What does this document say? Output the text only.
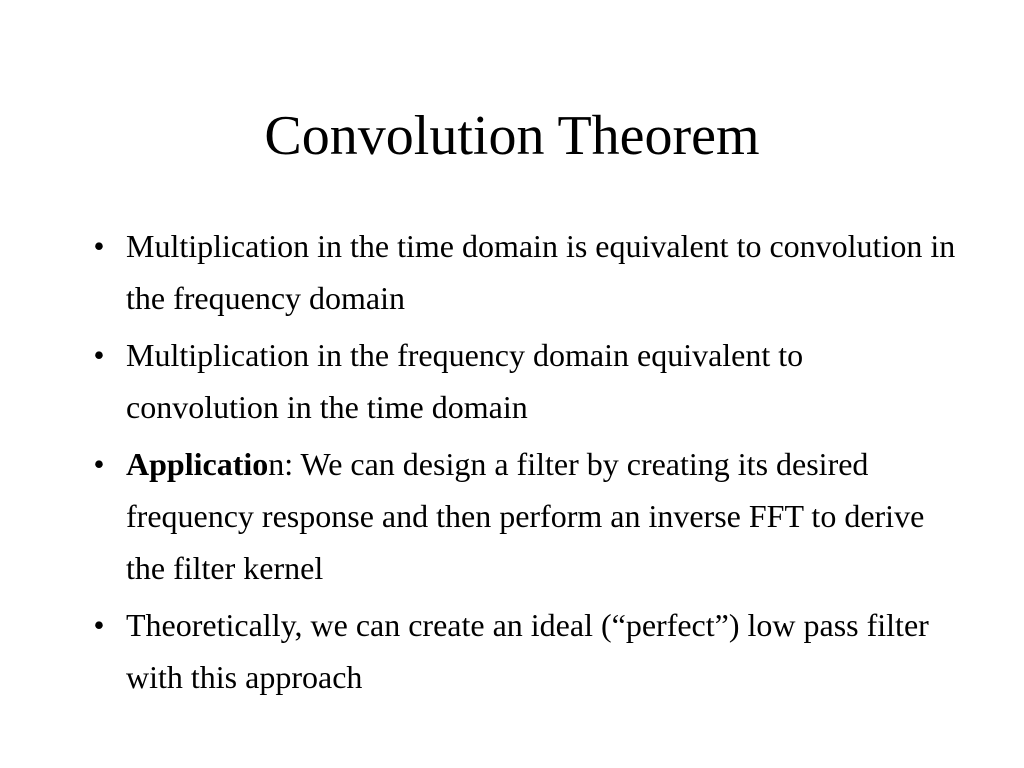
Convolution Theorem
• Multiplication in the time domain is equivalent to convolution in the frequency domain
• Multiplication in the frequency domain equivalent to convolution in the time domain
• Application: We can design a filter by creating its desired frequency response and then perform an inverse FFT to derive the filter kernel
• Theoretically, we can create an ideal (“perfect”) low pass filter with this approach
